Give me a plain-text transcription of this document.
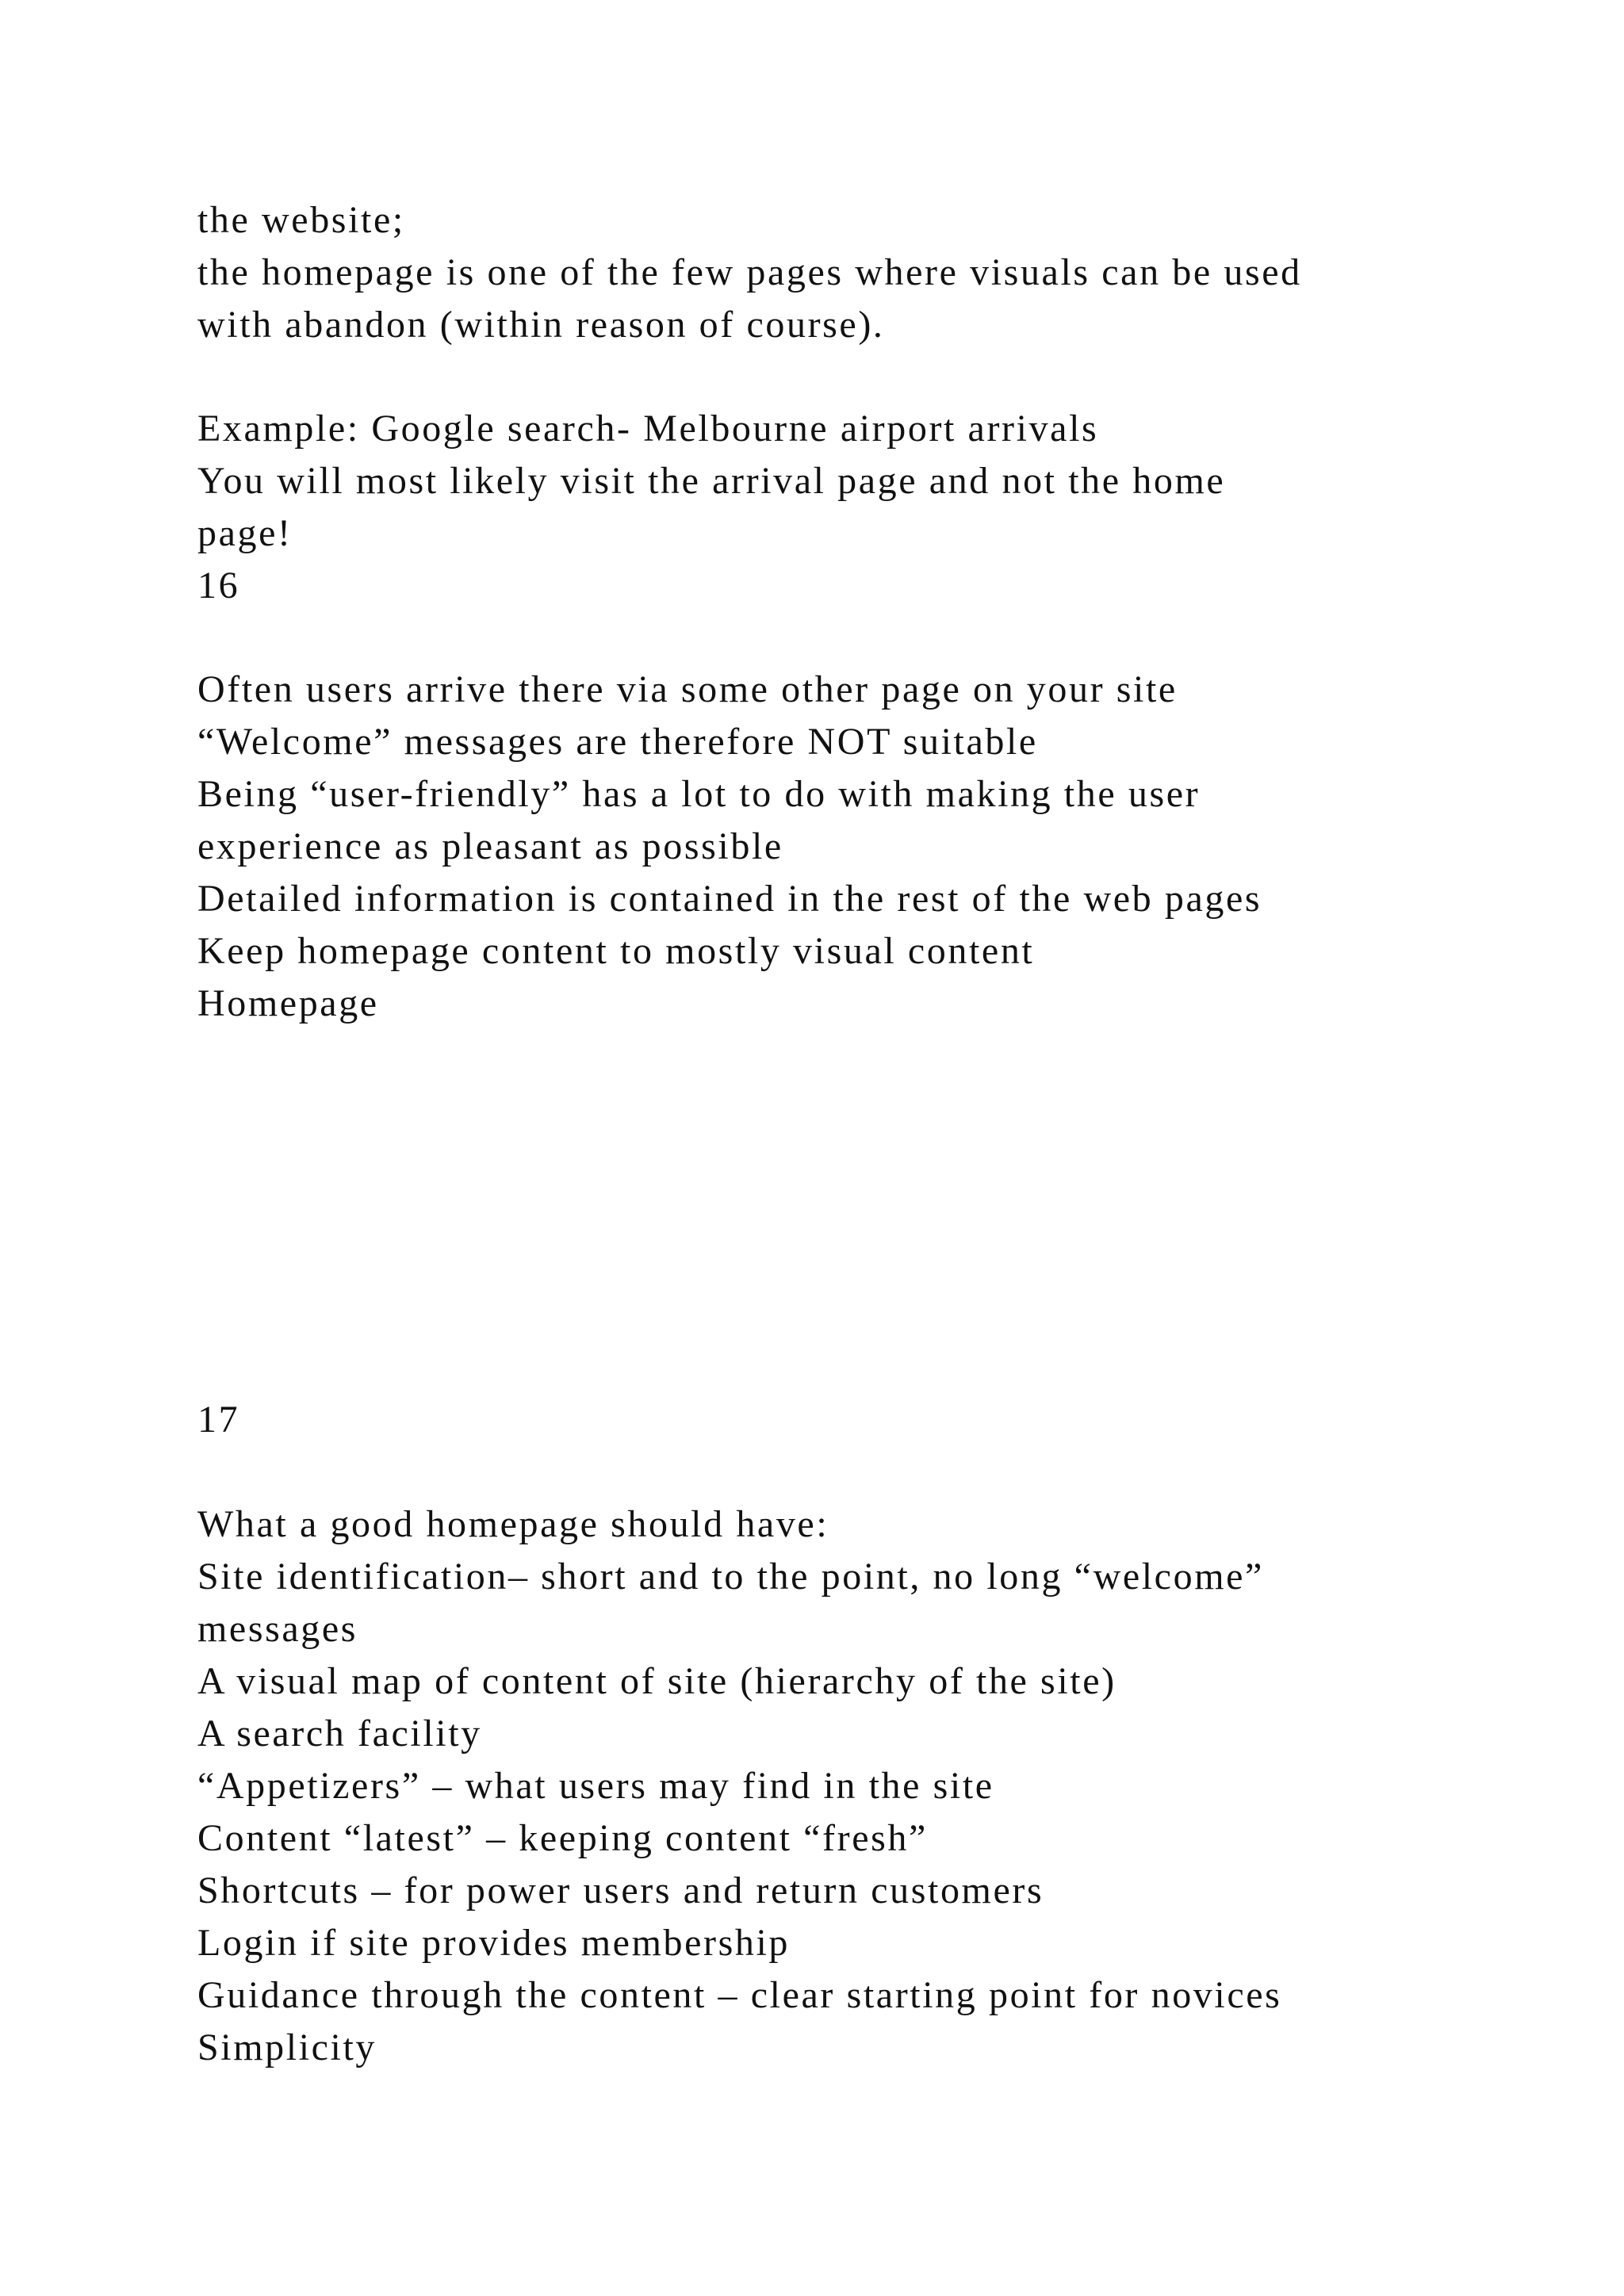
the website;
the homepage is one of the few pages where visuals can be used
with abandon (within reason of course).
Example: Google search- Melbourne airport arrivals
You will most likely visit the arrival page and not the home
page!
16
Often users arrive there via some other page on your site
“Welcome” messages are therefore NOT suitable
Being “user-friendly” has a lot to do with making the user
experience as pleasant as possible
Detailed information is contained in the rest of the web pages
Keep homepage content to mostly visual content
Homepage
17
What a good homepage should have:
Site identification– short and to the point, no long “welcome”
messages
A visual map of content of site (hierarchy of the site)
A search facility
“Appetizers” – what users may find in the site
Content “latest” – keeping content “fresh”
Shortcuts – for power users and return customers
Login if site provides membership
Guidance through the content – clear starting point for novices
Simplicity
